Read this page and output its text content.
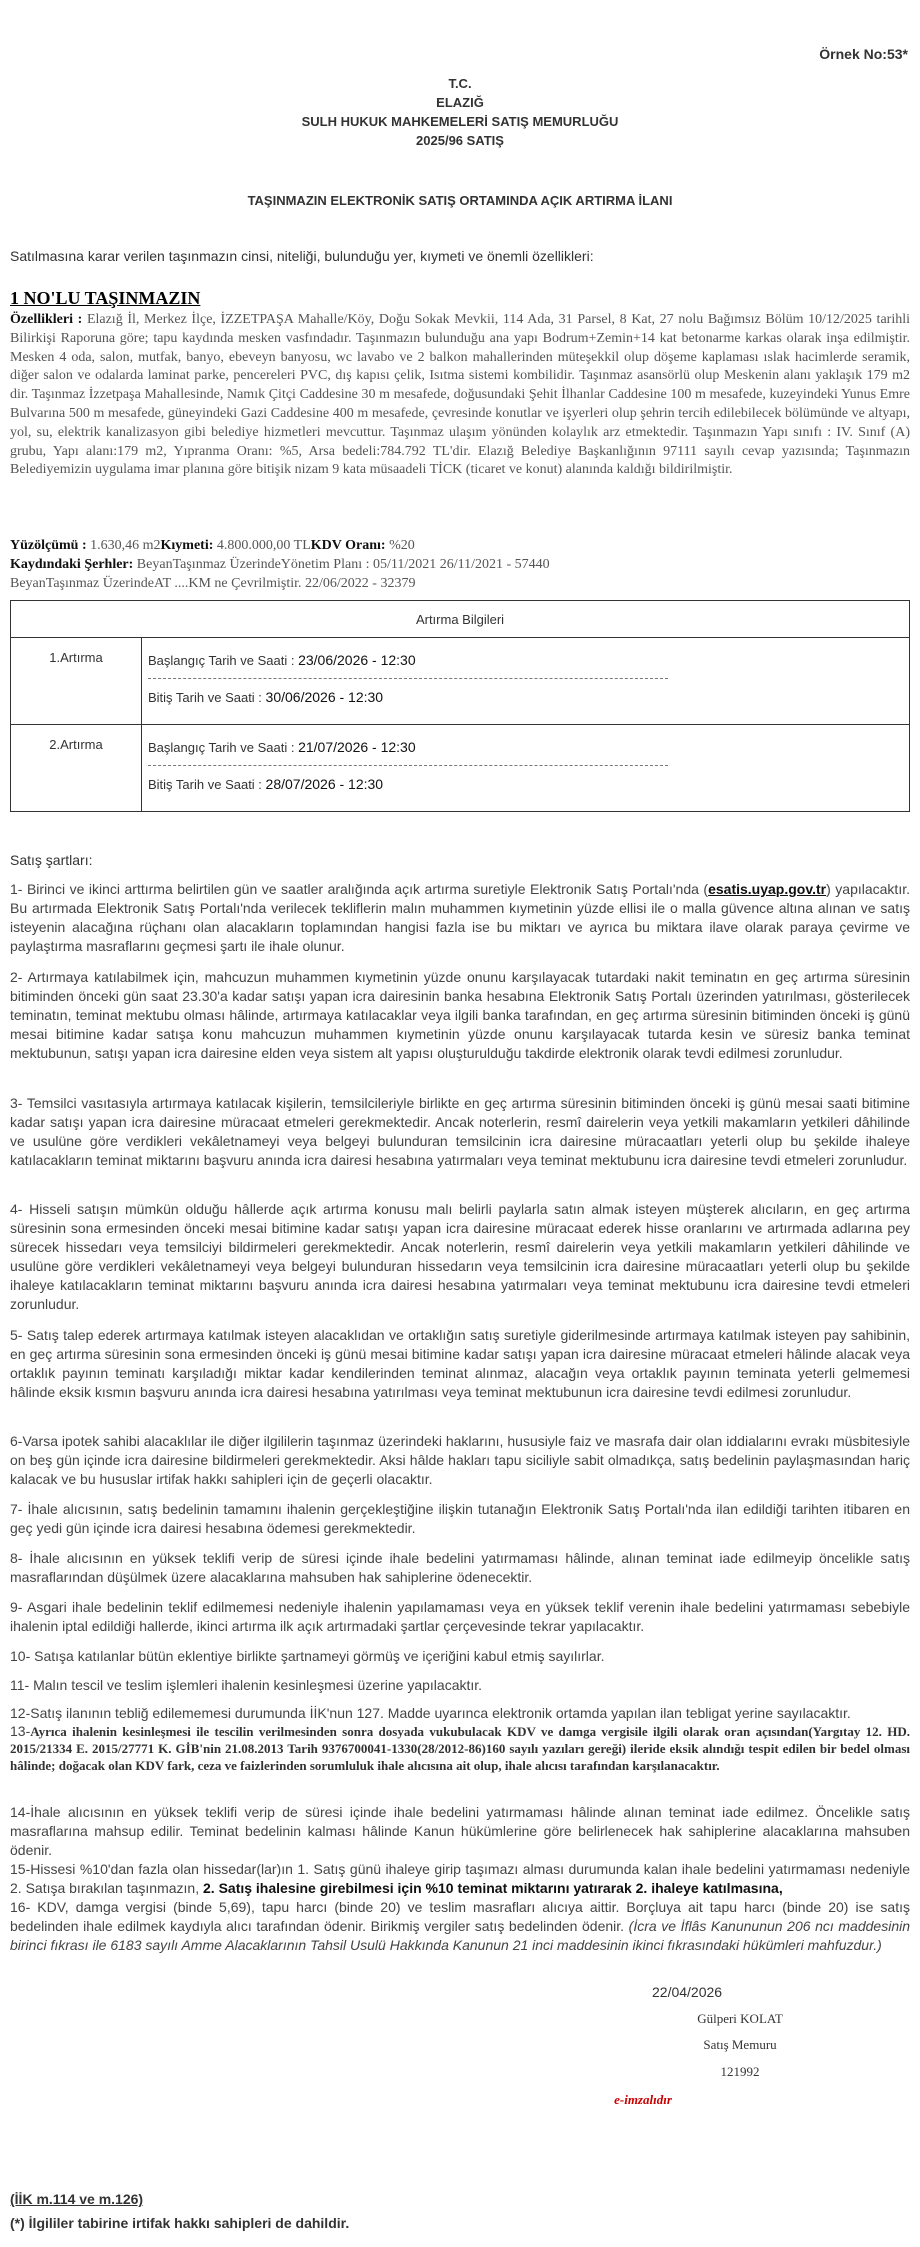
Örnek No:53*
T.C.
ELAZIĞ
SULH HUKUK MAHKEMELERİ SATIŞ MEMURLUĞU
2025/96 SATIŞ
TAŞINMAZIN ELEKTRONİK SATIŞ ORTAMINDA AÇIK ARTIRMA İLANI
Satılmasına karar verilen taşınmazın cinsi, niteliği, bulunduğu yer, kıymeti ve önemli özellikleri:
1 NO'LU TAŞINMAZIN
Özellikleri : Elazığ İl, Merkez İlçe, İZZETPAŞA Mahalle/Köy, Doğu Sokak Mevkii, 114 Ada, 31 Parsel, 8 Kat, 27 nolu Bağımsız Bölüm 10/12/2025 tarihli Bilirkişi Raporuna göre; tapu kaydında mesken vasfındadır. Taşınmazın bulunduğu ana yapı Bodrum+Zemin+14 kat betonarme karkas olarak inşa edilmiştir. Mesken 4 oda, salon, mutfak, banyo, ebeveyn banyosu, wc lavabo ve 2 balkon mahallerinden müteşekkil olup döşeme kaplaması ıslak hacimlerde seramik, diğer salon ve odalarda laminat parke, pencereleri PVC, dış kapısı çelik, Isıtma sistemi kombilidir. Taşınmaz asansörlü olup Meskenin alanı yaklaşık 179 m2 dir. Taşınmaz İzzetpaşa Mahallesinde, Namık Çitçi Caddesine 30 m mesafede, doğusundaki Şehit İlhanlar Caddesine 100 m mesafede, kuzeyindeki Yunus Emre Bulvarına 500 m mesafede, güneyindeki Gazi Caddesine 400 m mesafede, çevresinde konutlar ve işyerleri olup şehrin tercih edilebilecek bölümünde ve altyapı, yol, su, elektrik kanalizasyon gibi belediye hizmetleri mevcuttur. Taşınmaz ulaşım yönünden kolaylık arz etmektedir. Taşınmazın Yapı sınıfı : IV. Sınıf (A) grubu, Yapı alanı:179 m2, Yıpranma Oranı: %5, Arsa bedeli:784.792 TL'dir. Elazığ Belediye Başkanlığının 97111 sayılı cevap yazısında; Taşınmazın Belediyemizin uygulama imar planına göre bitişik nizam 9 kata müsaadeli TİCK (ticaret ve konut) alanında kaldığı bildirilmiştir.
Yüzölçümü : 1.630,46 m2Kıymeti: 4.800.000,00 TLKDV Oranı: %20
Kaydındaki Şerhler: BeyanTaşınmaz ÜzerindeYönetim Planı : 05/11/2021 26/11/2021 - 57440
BeyanTaşınmaz ÜzerindeAT ....KM ne Çevrilmiştir. 22/06/2022 - 32379
Artırma Bilgileri	
1.Artırma	Başlangıç Tarih ve Saati : 23/06/2026 - 12:30
Bitiş Tarih ve Saati : 30/06/2026 - 12:30

2.Artırma	Başlangıç Tarih ve Saati : 21/07/2026 - 12:30
Bitiş Tarih ve Saati : 28/07/2026 - 12:30
Satış şartları:
1- Birinci ve ikinci arttırma belirtilen gün ve saatler aralığında açık artırma suretiyle Elektronik Satış Portalı'nda (esatis.uyap.gov.tr) yapılacaktır. Bu artırmada Elektronik Satış Portalı'nda verilecek tekliflerin malın muhammen kıymetinin yüzde ellisi ile o malla güvence altına alınan ve satış isteyenin alacağına rüçhanı olan alacakların toplamından hangisi fazla ise bu miktarı ve ayrıca bu miktara ilave olarak paraya çevirme ve paylaştırma masraflarını geçmesi şartı ile ihale olunur.
2- Artırmaya katılabilmek için, mahcuzun muhammen kıymetinin yüzde onunu karşılayacak tutardaki nakit teminatın en geç artırma süresinin bitiminden önceki gün saat 23.30'a kadar satışı yapan icra dairesinin banka hesabına Elektronik Satış Portalı üzerinden yatırılması, gösterilecek teminatın, teminat mektubu olması hâlinde, artırmaya katılacaklar veya ilgili banka tarafından, en geç artırma süresinin bitiminden önceki iş günü mesai bitimine kadar satışa konu mahcuzun muhammen kıymetinin yüzde onunu karşılayacak tutarda kesin ve süresiz banka teminat mektubunun, satışı yapan icra dairesine elden veya sistem alt yapısı oluşturulduğu takdirde elektronik olarak tevdi edilmesi zorunludur.
3- Temsilci vasıtasıyla artırmaya katılacak kişilerin, temsilcileriyle birlikte en geç artırma süresinin bitiminden önceki iş günü mesai saati bitimine kadar satışı yapan icra dairesine müracaat etmeleri gerekmektedir. Ancak noterlerin, resmî dairelerin veya yetkili makamların yetkileri dâhilinde ve usulüne göre verdikleri vekâletnameyi veya belgeyi bulunduran temsilcinin icra dairesine müracaatları yeterli olup bu şekilde ihaleye katılacakların teminat miktarını başvuru anında icra dairesi hesabına yatırmaları veya teminat mektubunu icra dairesine tevdi etmeleri zorunludur.
4- Hisseli satışın mümkün olduğu hâllerde açık artırma konusu malı belirli paylarla satın almak isteyen müşterek alıcıların, en geç artırma süresinin sona ermesinden önceki mesai bitimine kadar satışı yapan icra dairesine müracaat ederek hisse oranlarını ve artırmada adlarına pey sürecek hissedarı veya temsilciyi bildirmeleri gerekmektedir. Ancak noterlerin, resmî dairelerin veya yetkili makamların yetkileri dâhilinde ve usulüne göre verdikleri vekâletnameyi veya belgeyi bulunduran hissedarın veya temsilcinin icra dairesine müracaatları yeterli olup bu şekilde ihaleye katılacakların teminat miktarını başvuru anında icra dairesi hesabına yatırmaları veya teminat mektubunu icra dairesine tevdi etmeleri zorunludur.
5- Satış talep ederek artırmaya katılmak isteyen alacaklıdan ve ortaklığın satış suretiyle giderilmesinde artırmaya katılmak isteyen pay sahibinin, en geç artırma süresinin sona ermesinden önceki iş günü mesai bitimine kadar satışı yapan icra dairesine müracaat etmeleri hâlinde alacak veya ortaklık payının teminatı karşıladığı miktar kadar kendilerinden teminat alınmaz, alacağın veya ortaklık payının teminata yeterli gelmemesi hâlinde eksik kısmın başvuru anında icra dairesi hesabına yatırılması veya teminat mektubunun icra dairesine tevdi edilmesi zorunludur.
6-Varsa ipotek sahibi alacaklılar ile diğer ilgililerin taşınmaz üzerindeki haklarını, hususiyle faiz ve masrafa dair olan iddialarını evrakı müsbitesiyle on beş gün içinde icra dairesine bildirmeleri gerekmektedir. Aksi hâlde hakları tapu siciliyle sabit olmadıkça, satış bedelinin paylaşmasından hariç kalacak ve bu hususlar irtifak hakkı sahipleri için de geçerli olacaktır.
7- İhale alıcısının, satış bedelinin tamamını ihalenin gerçekleştiğine ilişkin tutanağın Elektronik Satış Portalı'nda ilan edildiği tarihten itibaren en geç yedi gün içinde icra dairesi hesabına ödemesi gerekmektedir.
8- İhale alıcısının en yüksek teklifi verip de süresi içinde ihale bedelini yatırmaması hâlinde, alınan teminat iade edilmeyip öncelikle satış masraflarından düşülmek üzere alacaklarına mahsuben hak sahiplerine ödenecektir.
9- Asgari ihale bedelinin teklif edilmemesi nedeniyle ihalenin yapılamaması veya en yüksek teklif verenin ihale bedelini yatırmaması sebebiyle ihalenin iptal edildiği hallerde, ikinci artırma ilk açık artırmadaki şartlar çerçevesinde tekrar yapılacaktır.
10- Satışa katılanlar bütün eklentiye birlikte şartnameyi görmüş ve içeriğini kabul etmiş sayılırlar.
11- Malın tescil ve teslim işlemleri ihalenin kesinleşmesi üzerine yapılacaktır.
12-Satış ilanının tebliğ edilememesi durumunda İİK'nun 127. Madde uyarınca elektronik ortamda yapılan ilan tebligat yerine sayılacaktır.
13-Ayrıca ihalenin kesinleşmesi ile tescilin verilmesinden sonra dosyada vukubulacak KDV ve damga vergisile ilgili olarak oran açısından(Yargıtay 12. HD. 2015/21334 E. 2015/27771 K. GİB'nin 21.08.2013 Tarih 9376700041-1330(28/2012-86)160 sayılı yazıları gereği) ileride eksik alındığı tespit edilen bir bedel olması hâlinde; doğacak olan KDV fark, ceza ve faizlerinden sorumluluk ihale alıcısına ait olup, ihale alıcısı tarafından karşılanacaktır.
14-İhale alıcısının en yüksek teklifi verip de süresi içinde ihale bedelini yatırmaması hâlinde alınan teminat iade edilmez. Öncelikle satış masraflarına mahsup edilir. Teminat bedelinin kalması hâlinde Kanun hükümlerine göre belirlenecek hak sahiplerine alacaklarına mahsuben ödenir.
15-Hissesi %10'dan fazla olan hissedar(lar)ın 1. Satış günü ihaleye girip taşımazı alması durumunda kalan ihale bedelini yatırmaması nedeniyle 2. Satışa bırakılan taşınmazın, 2. Satış ihalesine girebilmesi için %10 teminat miktarını yatırarak 2. ihaleye katılmasına,
16- KDV, damga vergisi (binde 5,69), tapu harcı (binde 20) ve teslim masrafları alıcıya aittir. Borçluya ait tapu harcı (binde 20) ise satış bedelinden ihale edilmek kaydıyla alıcı tarafından ödenir. Birikmiş vergiler satış bedelinden ödenir. (İcra ve İflâs Kanununun 206 ncı maddesinin birinci fıkrası ile 6183 sayılı Amme Alacaklarının Tahsil Usulü Hakkında Kanunun 21 inci maddesinin ikinci fıkrasındaki hükümleri mahfuzdur.)
22/04/2026
Gülperi KOLAT
Satış Memuru
121992
e-imzalıdır
(İİK m.114 ve m.126)
(*) İlgililer tabirine irtifak hakkı sahipleri de dahildir.
